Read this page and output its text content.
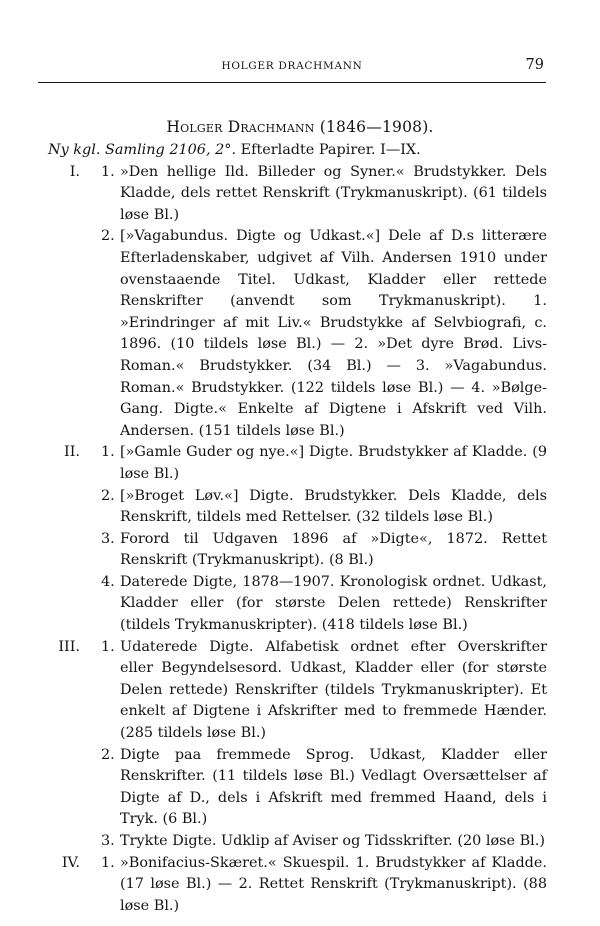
HOLGER DRACHMANN	79
Holger Drachmann (1846—1908).
Ny kgl. Samling 2106, 2°. Efterladte Papirer. I—IX.
I. 1. »Den hellige Ild. Billeder og Syner.« Brudstykker. Dels Kladde, dels rettet Renskrift (Trykmanuskript). (61 tildels løse Bl.)
2. [»Vagabundus. Digte og Udkast.«] Dele af D.s litterære Efterladenskaber, udgivet af Vilh. Andersen 1910 under ovenstaaende Titel. Udkast, Kladder eller rettede Renskrifter (anvendt som Trykmanuskript). 1. »Erindringer af mit Liv.« Brudstykke af Selvbiografi, c. 1896. (10 tildels løse Bl.) — 2. »Det dyre Brød. Livs-Roman.« Brudstykker. (34 Bl.) — 3. »Vagabundus. Roman.« Brudstykker. (122 tildels løse Bl.) — 4. »Bølge-Gang. Digte.« Enkelte af Digtene i Afskrift ved Vilh. Andersen. (151 tildels løse Bl.)
II. 1. [»Gamle Guder og nye.«] Digte. Brudstykker af Kladde. (9 løse Bl.)
2. [»Broget Løv.«] Digte. Brudstykker. Dels Kladde, dels Renskrift, tildels med Rettelser. (32 tildels løse Bl.)
3. Forord til Udgaven 1896 af »Digte«, 1872. Rettet Renskrift (Trykmanuskript). (8 Bl.)
4. Daterede Digte, 1878—1907. Kronologisk ordnet. Udkast, Kladder eller (for største Delen rettede) Renskrifter (tildels Trykmanuskripter). (418 tildels løse Bl.)
III. 1. Udaterede Digte. Alfabetisk ordnet efter Overskrifter eller Begyndelsesord. Udkast, Kladder eller (for største Delen rettede) Renskrifter (tildels Trykmanuskripter). Et enkelt af Digtene i Afskrifter med to fremmede Hænder. (285 tildels løse Bl.)
2. Digte paa fremmede Sprog. Udkast, Kladder eller Renskrifter. (11 tildels løse Bl.) Vedlagt Oversættelser af Digte af D., dels i Afskrift med fremmed Haand, dels i Tryk. (6 Bl.)
3. Trykte Digte. Udklip af Aviser og Tidsskrifter. (20 løse Bl.)
IV. 1. »Bonifacius-Skæret.« Skuespil. 1. Brudstykker af Kladde. (17 løse Bl.) — 2. Rettet Renskrift (Trykmanuskript). (88 løse Bl.)
